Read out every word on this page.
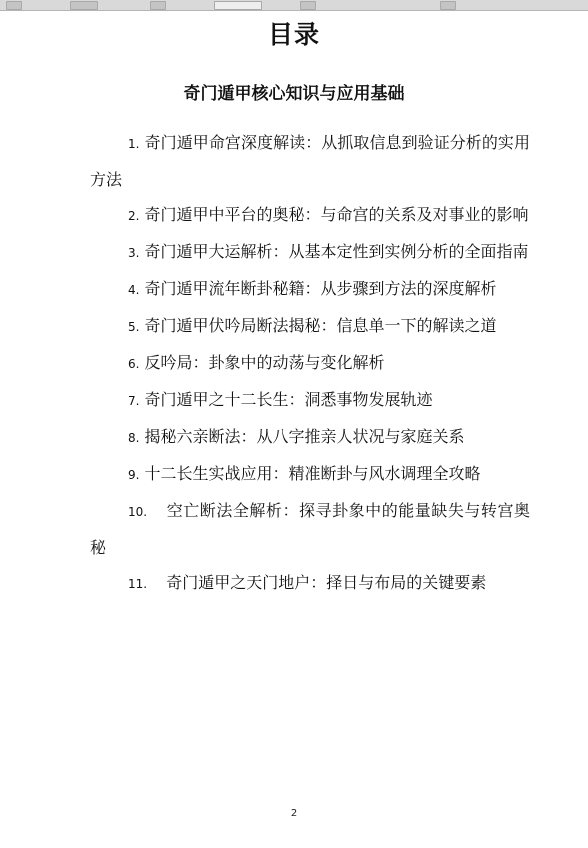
目录
奇门遁甲核心知识与应用基础
1. 奇门遁甲命宫深度解读：从抓取信息到验证分析的实用方法
2. 奇门遁甲中平台的奥秘：与命宫的关系及对事业的影响
3. 奇门遁甲大运解析：从基本定性到实例分析的全面指南
4. 奇门遁甲流年断卦秘籍：从步骤到方法的深度解析
5. 奇门遁甲伏吟局断法揭秘：信息单一下的解读之道
6. 反吟局：卦象中的动荡与变化解析
7. 奇门遁甲之十二长生：洞悉事物发展轨迹
8. 揭秘六亲断法：从八字推亲人状况与家庭关系
9. 十二长生实战应用：精准断卦与风水调理全攻略
10. 空亡断法全解析：探寻卦象中的能量缺失与转宫奥秘
11. 奇门遁甲之天门地户：择日与布局的关键要素
2
